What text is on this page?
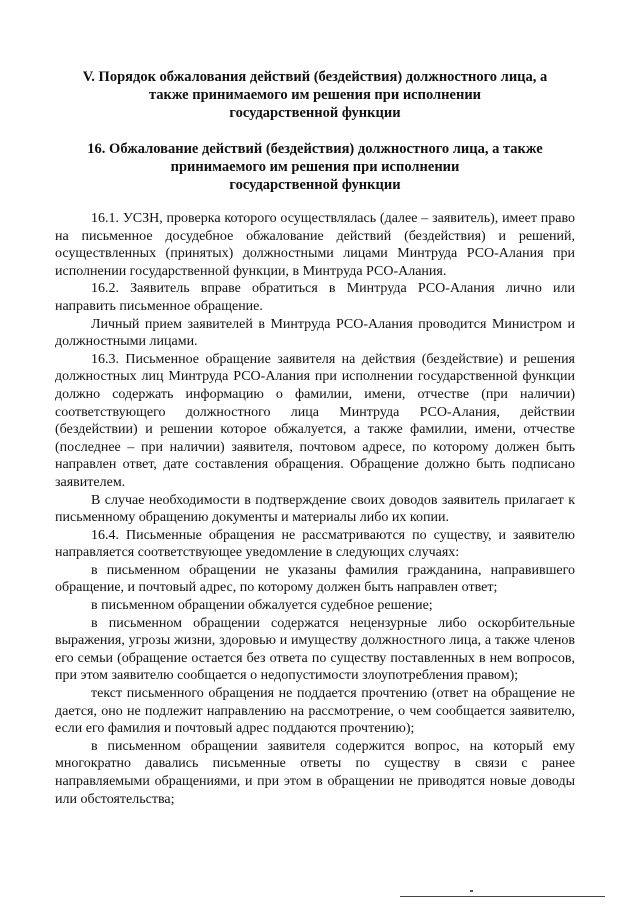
V. Порядок обжалования действий (бездействия) должностного лица, а
также принимаемого им решения при исполнении
государственной функции
16. Обжалование действий (бездействия) должностного лица, а также
принимаемого им решения при исполнении
государственной функции

16.1. УСЗН, проверка которого осуществлялась (далее – заявитель), имеет право на письменное досудебное обжалование действий (бездействия) и решений, осуществленных (принятых) должностными лицами Минтруда РСО-Алания при исполнении государственной функции, в Минтруда РСО-Алания.

16.2. Заявитель вправе обратиться в Минтруда РСО-Алания лично или направить письменное обращение.

Личный прием заявителей в Минтруда РСО-Алания проводится Министром и должностными лицами.

16.3. Письменное обращение заявителя на действия (бездействие) и решения должностных лиц Минтруда РСО-Алания при исполнении государственной функции должно содержать информацию о фамилии, имени, отчестве (при наличии) соответствующего должностного лица Минтруда РСО-Алания, действии (бездействии) и решении которое обжалуется, а также фамилии, имени, отчестве (последнее – при наличии) заявителя, почтовом адресе, по которому должен быть направлен ответ, дате составления обращения. Обращение должно быть подписано заявителем.

В случае необходимости в подтверждение своих доводов заявитель прилагает к письменному обращению документы и материалы либо их копии.

16.4. Письменные обращения не рассматриваются по существу, и заявителю направляется соответствующее уведомление в следующих случаях:

в письменном обращении не указаны фамилия гражданина, направившего обращение, и почтовый адрес, по которому должен быть направлен ответ;

в письменном обращении обжалуется судебное решение;

в письменном обращении содержатся нецензурные либо оскорбительные выражения, угрозы жизни, здоровью и имуществу должностного лица, а также членов его семьи (обращение остается без ответа по существу поставленных в нем вопросов, при этом заявителю сообщается о недопустимости злоупотребления правом);

текст письменного обращения не поддается прочтению (ответ на обращение не дается, оно не подлежит направлению на рассмотрение, о чем сообщается заявителю, если его фамилия и почтовый адрес поддаются прочтению);

в письменном обращении заявителя содержится вопрос, на который ему многократно давались письменные ответы по существу в связи с ранее направляемыми обращениями, и при этом в обращении не приводятся новые доводы или обстоятельства;
